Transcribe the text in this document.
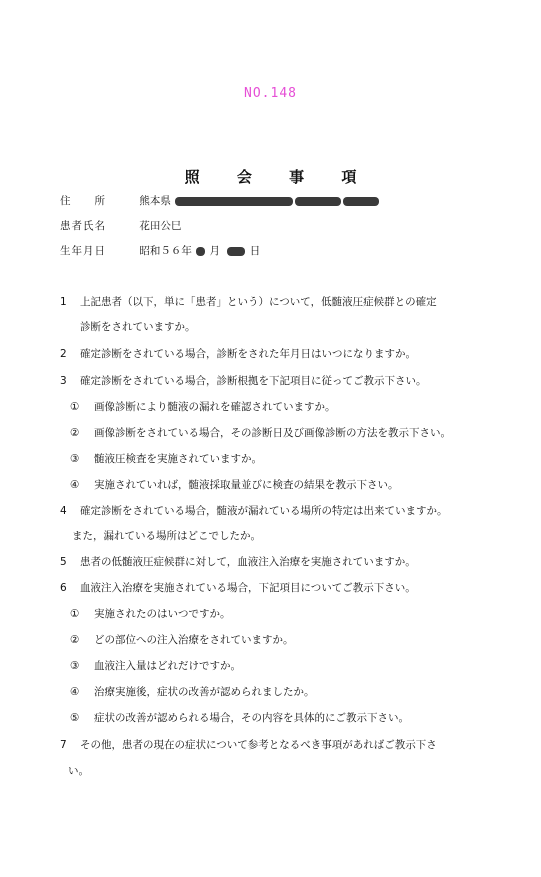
NO.148
照 会 事 項
住　　所	熊本県
患者氏名	花田公巳
生年月日	昭和５６年 月	日
1 上記患者（以下，単に「患者」という）について，低髄液圧症候群との確定
診断をされていますか。
2 確定診断をされている場合，診断をされた年月日はいつになりますか。
3 確定診断をされている場合，診断根拠を下記項目に従ってご教示下さい。
① 画像診断により髄液の漏れを確認されていますか。
② 画像診断をされている場合，その診断日及び画像診断の方法を教示下さい。
③ 髄液圧検査を実施されていますか。
④ 実施されていれば，髄液採取量並びに検査の結果を教示下さい。
4 確定診断をされている場合，髄液が漏れている場所の特定は出来ていますか。
また，漏れている場所はどこでしたか。
5 患者の低髄液圧症候群に対して，血液注入治療を実施されていますか。
6 血液注入治療を実施されている場合，下記項目についてご教示下さい。
① 実施されたのはいつですか。
② どの部位への注入治療をされていますか。
③ 血液注入量はどれだけですか。
④ 治療実施後，症状の改善が認められましたか。
⑤ 症状の改善が認められる場合，その内容を具体的にご教示下さい。
7 その他，患者の現在の症状について参考となるべき事項があればご教示下さ
い。
